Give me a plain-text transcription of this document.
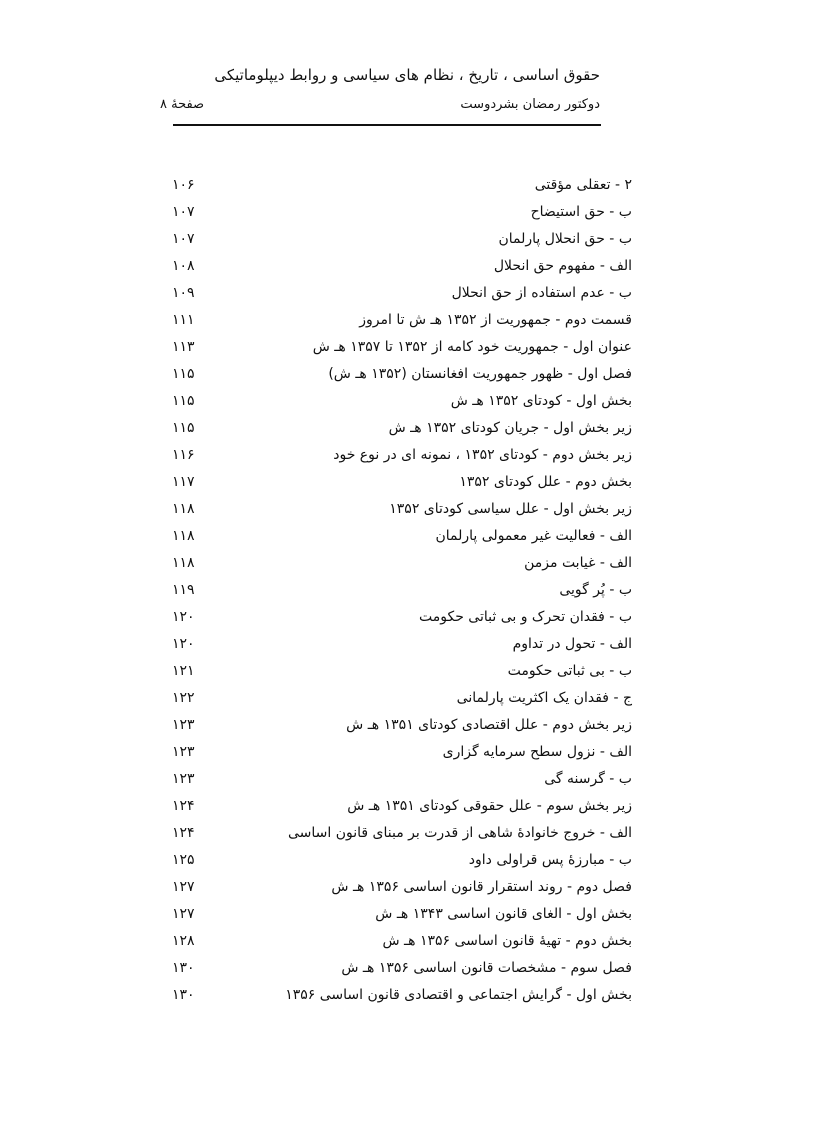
حقوق اساسی ، تاریخ ، نظام های سیاسی و روابط دیپلوماتیکی
دوکتور رمضان بشردوست
صفحهٔ ۸
۲ - تعقلی مؤقتی
۱۰۶
ب - حق استیضاح
۱۰۷
ب - حق انحلال پارلمان
۱۰۷
الف - مفهوم حق انحلال
۱۰۸
ب - عدم استفاده از حق انحلال
۱۰۹
قسمت دوم - جمهوریت از ۱۳۵۲ هـ ش تا امروز
۱۱۱
عنوان اول - جمهوریت خود کامه از ۱۳۵۲ تا ۱۳۵۷ هـ ش
۱۱۳
فصل اول - ظهور جمهوریت افغانستان (۱۳۵۲ هـ ش)
۱۱۵
بخش اول - کودتای ۱۳۵۲ هـ ش
۱۱۵
زیر بخش اول - جریان کودتای ۱۳۵۲ هـ ش
۱۱۵
زیر بخش دوم - کودتای ۱۳۵۲ ، نمونه ای در نوع خود
۱۱۶
بخش دوم - علل کودتای ۱۳۵۲
۱۱۷
زیر بخش اول - علل سیاسی کودتای ۱۳۵۲
۱۱۸
الف - فعالیت غیر معمولی پارلمان
۱۱۸
الف - غیابت مزمن
۱۱۸
ب - پُر گویی
۱۱۹
ب - فقدان تحرک و بی ثباتی حکومت
۱۲۰
الف - تحول در تداوم
۱۲۰
ب - بی ثباتی حکومت
۱۲۱
ج - فقدان یک اکثریت پارلمانی
۱۲۲
زیر بخش دوم - علل اقتصادی کودتای ۱۳۵۱ هـ ش
۱۲۳
الف - نزول سطح سرمایه گزاری
۱۲۳
ب - گرسنه گی
۱۲۳
زیر بخش سوم - علل حقوقی کودتای ۱۳۵۱ هـ ش
۱۲۴
الف - خروج خانوادهٔ شاهی از قدرت بر مبنای قانون اساسی
۱۲۴
ب - مبارزهٔ پس قراولی داود
۱۲۵
فصل دوم - روند استقرار قانون اساسی ۱۳۵۶ هـ ش
۱۲۷
بخش اول - الغای قانون اساسی ۱۳۴۳ هـ ش
۱۲۷
بخش دوم - تهیهٔ قانون اساسی ۱۳۵۶ هـ ش
۱۲۸
فصل سوم - مشخصات قانون اساسی ۱۳۵۶ هـ ش
۱۳۰
بخش اول - گرایش اجتماعی و اقتصادی قانون اساسی ۱۳۵۶
۱۳۰
